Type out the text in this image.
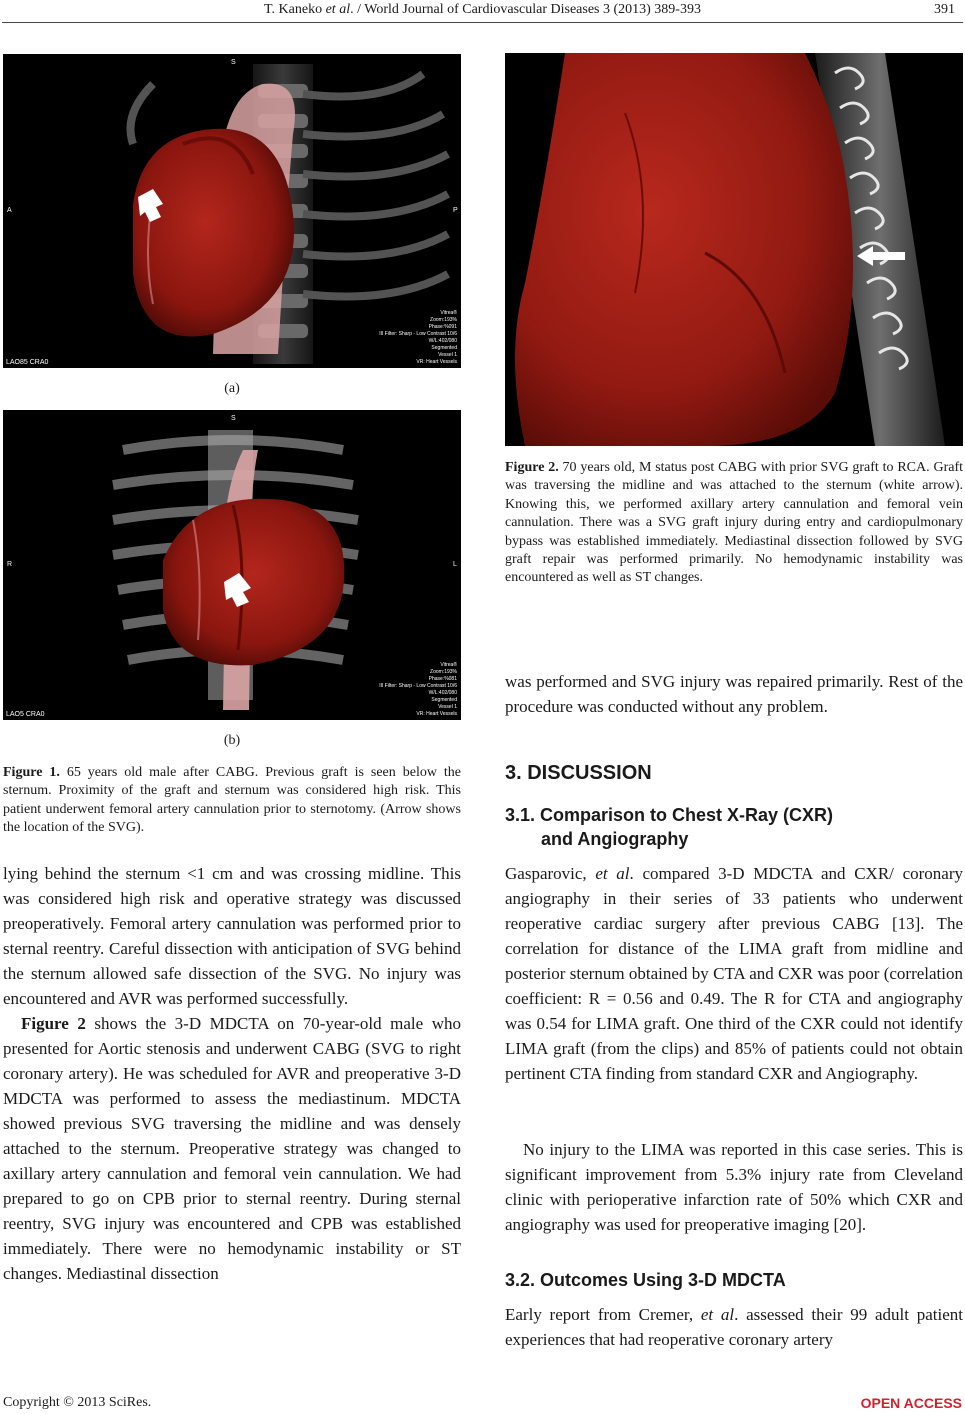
T. Kaneko et al. / World Journal of Cardiovascular Diseases 3 (2013) 389-393	391
S
A	P
LAO85 CRA0
Vitrea®
Zoom:193%
Phase:%091
III Filter: Sharp - Low Contrast 10/6
W/L:402/080
Segmented
Vessel 1
VR: Heart Vessels
(a)
S
R	L
LAO5 CRA0
Vitrea®
Zoom:193%
Phase:%081
III Filter: Sharp - Low Contrast 10/6
W/L:402/080
Segmented
Vessel 1
VR: Heart Vessels
(b)
Figure 1. 65 years old male after CABG. Previous graft is seen below the sternum. Proximity of the graft and sternum was considered high risk. This patient underwent femoral artery cannulation prior to sternotomy. (Arrow shows the location of the SVG).
lying behind the sternum <1 cm and was crossing midline. This was considered high risk and operative strategy was discussed preoperatively. Femoral artery cannulation was performed prior to sternal reentry. Careful dissection with anticipation of SVG behind the sternum allowed safe dissection of the SVG. No injury was encountered and AVR was performed successfully.
Figure 2 shows the 3-D MDCTA on 70-year-old male who presented for Aortic stenosis and underwent CABG (SVG to right coronary artery). He was scheduled for AVR and preoperative 3-D MDCTA was performed to assess the mediastinum. MDCTA showed previous SVG traversing the midline and was densely attached to the sternum. Preoperative strategy was changed to axillary artery cannulation and femoral vein cannulation. We had prepared to go on CPB prior to sternal reentry. During sternal reentry, SVG injury was encountered and CPB was established immediately. There were no hemodynamic instability or ST changes. Mediastinal dissection
Figure 2. 70 years old, M status post CABG with prior SVG graft to RCA. Graft was traversing the midline and was attached to the sternum (white arrow). Knowing this, we performed axillary artery cannulation and femoral vein cannulation. There was a SVG graft injury during entry and cardiopulmonary bypass was established immediately. Mediastinal dissection followed by SVG graft repair was performed primarily. No hemodynamic instability was encountered as well as ST changes.
was performed and SVG injury was repaired primarily. Rest of the procedure was conducted without any problem.
3. DISCUSSION
3.1. Comparison to Chest X-Ray (CXR)
and Angiography
Gasparovic, et al. compared 3-D MDCTA and CXR/ coronary angiography in their series of 33 patients who underwent reoperative cardiac surgery after previous CABG [13]. The correlation for distance of the LIMA graft from midline and posterior sternum obtained by CTA and CXR was poor (correlation coefficient: R = 0.56 and 0.49. The R for CTA and angiography was 0.54 for LIMA graft. One third of the CXR could not identify LIMA graft (from the clips) and 85% of patients could not obtain pertinent CTA finding from standard CXR and Angiography.
No injury to the LIMA was reported in this case series. This is significant improvement from 5.3% injury rate from Cleveland clinic with perioperative infarction rate of 50% which CXR and angiography was used for preoperative imaging [20].
3.2. Outcomes Using 3-D MDCTA
Early report from Cremer, et al. assessed their 99 adult patient experiences that had reoperative coronary artery
Copyright © 2013 SciRes.	OPEN ACCESS
